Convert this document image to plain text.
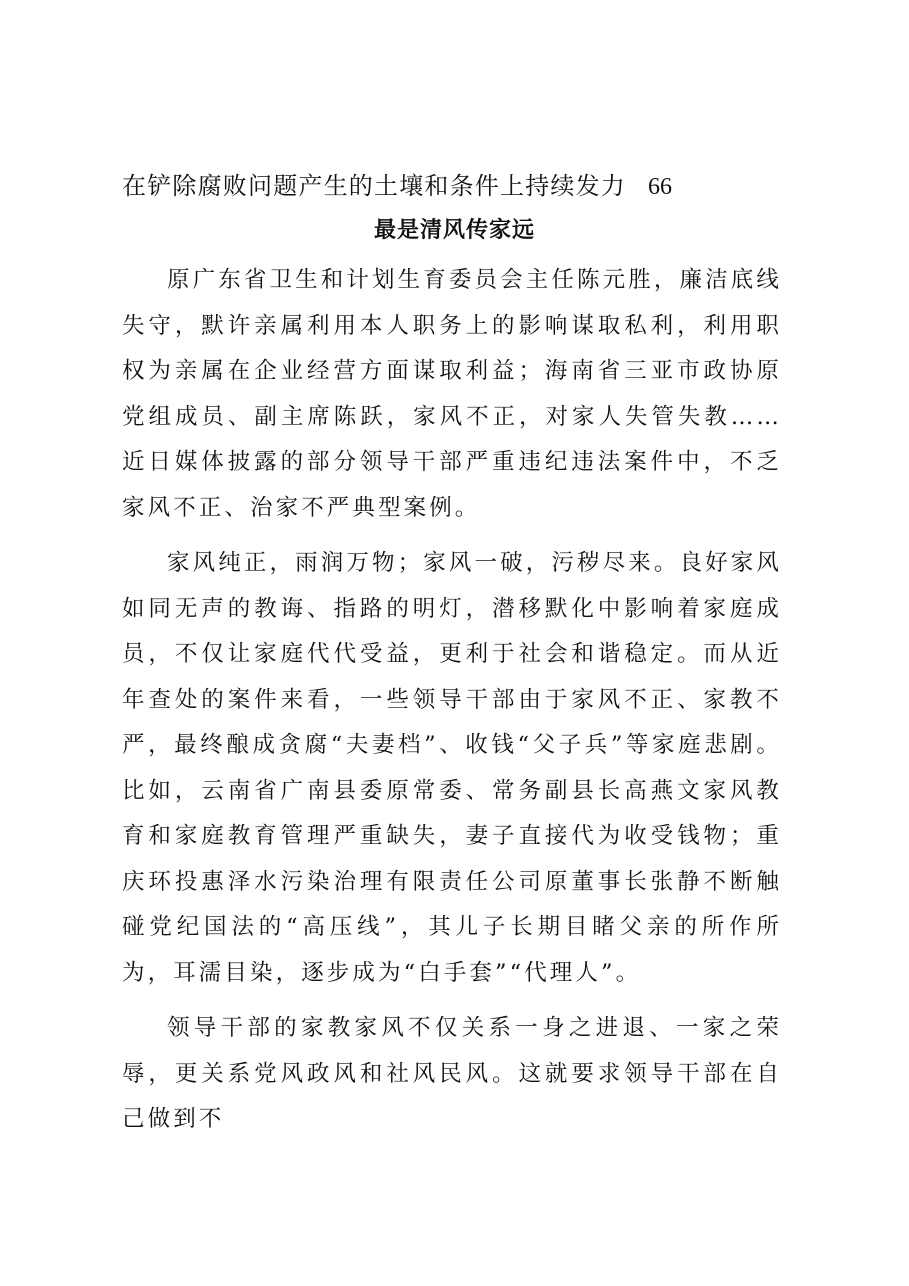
在铲除腐败问题产生的土壤和条件上持续发力 66
最是清风传家远

原广东省卫生和计划生育委员会主任陈元胜，廉洁底线失守，默许亲属利用本人职务上的影响谋取私利，利用职权为亲属在企业经营方面谋取利益；海南省三亚市政协原党组成员、副主席陈跃，家风不正，对家人失管失教……近日媒体披露的部分领导干部严重违纪违法案件中，不乏家风不正、治家不严典型案例。

家风纯正，雨润万物；家风一破，污秽尽来。良好家风如同无声的教诲、指路的明灯，潜移默化中影响着家庭成员，不仅让家庭代代受益，更利于社会和谐稳定。而从近年查处的案件来看，一些领导干部由于家风不正、家教不严，最终酿成贪腐“夫妻档”、收钱“父子兵”等家庭悲剧。比如，云南省广南县委原常委、常务副县长高燕文家风教育和家庭教育管理严重缺失，妻子直接代为收受钱物；重庆环投惠泽水污染治理有限责任公司原董事长张静不断触碰党纪国法的“高压线”，其儿子长期目睹父亲的所作所为，耳濡目染，逐步成为“白手套”“代理人”。

领导干部的家教家风不仅关系一身之进退、一家之荣辱，更关系党风政风和社风民风。这就要求领导干部在自己做到不
